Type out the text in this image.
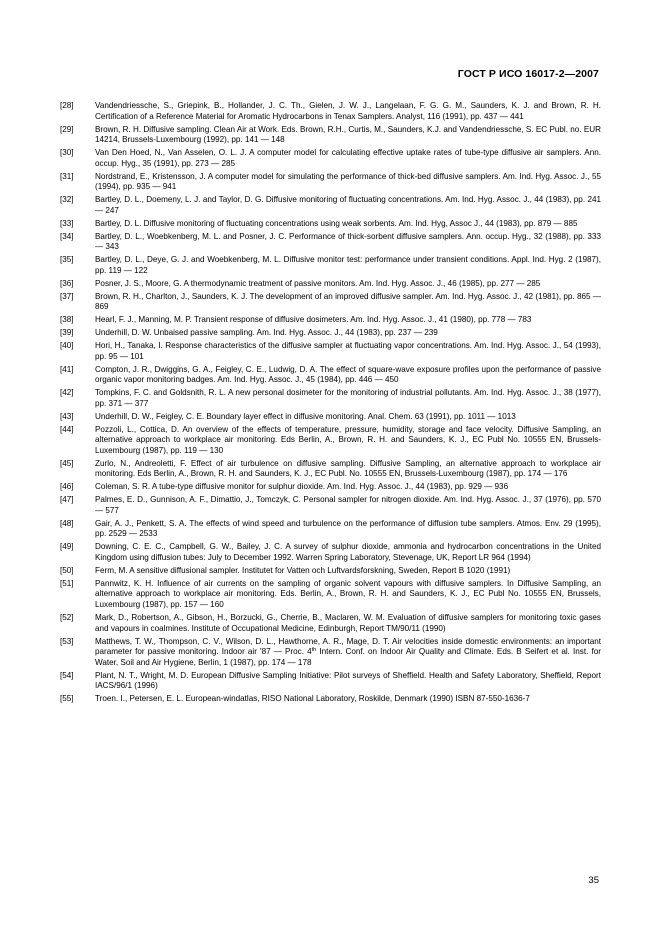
ГОСТ Р ИСО 16017-2—2007
[28]	Vandendriessche, S., Griepink, B., Hollander, J. C. Th., Gielen, J. W. J., Langelaan, F. G. G. M., Saunders, K. J. and Brown, R. H. Certification of a Reference Material for Aromatic Hydrocarbons in Tenax Samplers. Analyst, 116 (1991), pp. 437 — 441
[29]	Brown, R. H. Diffusive sampling. Clean Air at Work. Eds. Brown, R.H., Curtis, M., Saunders, K.J. and Vandendriessche, S. EC Publ. no. EUR 14214, Brussels-Luxembourg (1992), pp. 141 — 148
[30]	Van Den Hoed, N., Van Asselen, O. L. J. A computer model for calculating effective uptake rates of tube-type diffusive air samplers. Ann. occup. Hyg., 35 (1991), pp. 273 — 285
[31]	Nordstrand, E., Kristensson, J. A computer model for simulating the performance of thick-bed diffusive samplers. Am. Ind. Hyg. Assoc. J., 55 (1994), pp. 935 — 941
[32]	Bartley, D. L., Doemeny, L. J. and Taylor, D. G. Diffusive monitoring of fluctuating concentrations. Am. Ind. Hyg. Assoc. J., 44 (1983), pp. 241 — 247
[33]	Bartley, D. L. Diffusive monitoring of fluctuating concentrations using weak sorbents. Am. Ind. Hyg, Assoc J., 44 (1983), pp. 879 — 885
[34]	Bartley, D. L., Woebkenberg, M. L. and Posner, J. C. Performance of thick-sorbent diffusive samplers. Ann. occup. Hyg., 32 (1988), pp. 333 — 343
[35]	Bartley, D. L., Deye, G. J. and Woebkenberg, M. L. Diffusive monitor test: performance under transient conditions. Appl. Ind. Hyg. 2 (1987), pp. 119 — 122
[36]	Posner, J. S., Moore, G. A thermodynamic treatment of passive monitors. Am. Ind. Hyg. Assoc. J., 46 (1985), pp. 277 — 285
[37]	Brown, R. H., Charlton, J., Saunders, K. J. The development of an improved diffusive sampler. Am. Ind. Hyg. Assoc. J., 42 (1981), pp. 865 — 869
[38]	Hearl, F. J., Manning, M. P. Transient response of diffusive dosimeters. Am. Ind. Hyg. Assoc. J., 41 (1980), pp. 778 — 783
[39]	Underhill, D. W. Unbaised passive sampling. Am. Ind. Hyg. Assoc. J., 44 (1983), pp. 237 — 239
[40]	Hori, H., Tanaka, I. Response characteristics of the diffusive sampler at fluctuating vapor concentrations. Am. Ind. Hyg. Assoc. J., 54 (1993), pp. 95 — 101
[41]	Compton, J. R., Dwiggins, G. A., Feigley, C. E., Ludwig, D. A. The effect of square-wave exposure profiles upon the performance of passive organic vapor monitoring badges. Am. Ind. Hyg. Assoc. J., 45 (1984), pp. 446 — 450
[42]	Tompkins, F. C. and Goldsnith, R. L. A new personal dosimeter for the monitoring of industrial pollutants. Am. Ind. Hyg. Assoc. J., 38 (1977), pp. 371 — 377
[43]	Underhill, D. W., Feigley, C. E. Boundary layer effect in diffusive monitoring. Anal. Chem. 63 (1991), pp. 1011 — 1013
[44]	Pozzoli, L., Cottica, D. An overview of the effects of temperature, pressure, humidity, storage and face velocity. Diffusive Sampling, an alternative approach to workplace air monitoring. Eds Berlin, A., Brown, R. H. and Saunders, K. J., EC Publ No. 10555 EN, Brussels-Luxembourg (1987), pp. 119 — 130
[45]	Zurlo, N., Andreoletti, F. Effect of air turbulence on diffusive sampling. Diffusive Sampling, an alternative approach to workplace air monitoring. Eds Berlin, A., Brown, R. H. and Saunders, K. J., EC Publ. No. 10555 EN, Brussels-Luxembourg (1987), pp. 174 — 176
[46]	Coleman, S. R. A tube-type diffusive monitor for sulphur dioxide. Am. Ind. Hyg. Assoc. J., 44 (1983), pp. 929 — 936
[47]	Palmes, E. D., Gunnison, A. F., Dimattio, J., Tomczyk, C. Personal sampler for nitrogen dioxide. Am. Ind. Hyg. Assoc. J., 37 (1976), pp. 570 — 577
[48]	Gair, A. J., Penkett, S. A. The effects of wind speed and turbulence on the performance of diffusion tube samplers. Atmos. Env. 29 (1995), pp. 2529 — 2533
[49]	Downing, C. E. C., Campbell, G. W., Bailey, J. C. A survey of sulphur dioxide, ammonia and hydrocarbon concentrations in the United Kingdom using diffusion tubes: July to December 1992. Warren Spring Laboratory, Stevenage, UK, Report LR 964 (1994)
[50]	Ferm, M. A sensitive diffusional sampler. Institutet for Vatten och Luftvardsforskning, Sweden, Report B 1020 (1991)
[51]	Pannwitz, K. H. Influence of air currents on the sampling of organic solvent vapours with diffusive samplers. In Diffusive Sampling, an alternative approach to workplace air monitoring. Eds. Berlin, A., Brown, R. H. and Saunders, K. J., EC Publ No. 10555 EN, Brussels, Luxembourg (1987), pp. 157 — 160
[52]	Mark, D., Robertson, A., Gibson, H., Borzucki, G., Cherrie, B., Maclaren, W. M. Evaluation of diffusive samplers for monitoring toxic gases and vapours in coalmines. Institute of Occupational Medicine, Edinburgh, Report TM/90/11 (1990)
[53]	Matthews, T. W., Thompson, C. V., Wilson, D. L., Hawthorne, A. R., Mage, D. T. Air velocities inside domestic environments: an important parameter for passive monitoring. Indoor air '87 — Proc. 4th Intern. Conf. on Indoor Air Quality and Climate. Eds. B Seifert et al. Inst. for Water, Soil and Air Hygiene, Berlin, 1 (1987), pp. 174 — 178
[54]	Plant, N. T., Wright, M. D. European Diffusive Sampling Initiative: Pilot surveys of Sheffield. Health and Safety Laboratory, Sheffield, Report IACS/96/1 (1996)
[55]	Troen. I., Petersen, E. L. European-windatlas, RISO National Laboratory, Roskilde, Denmark (1990) ISBN 87-550-1636-7
35
